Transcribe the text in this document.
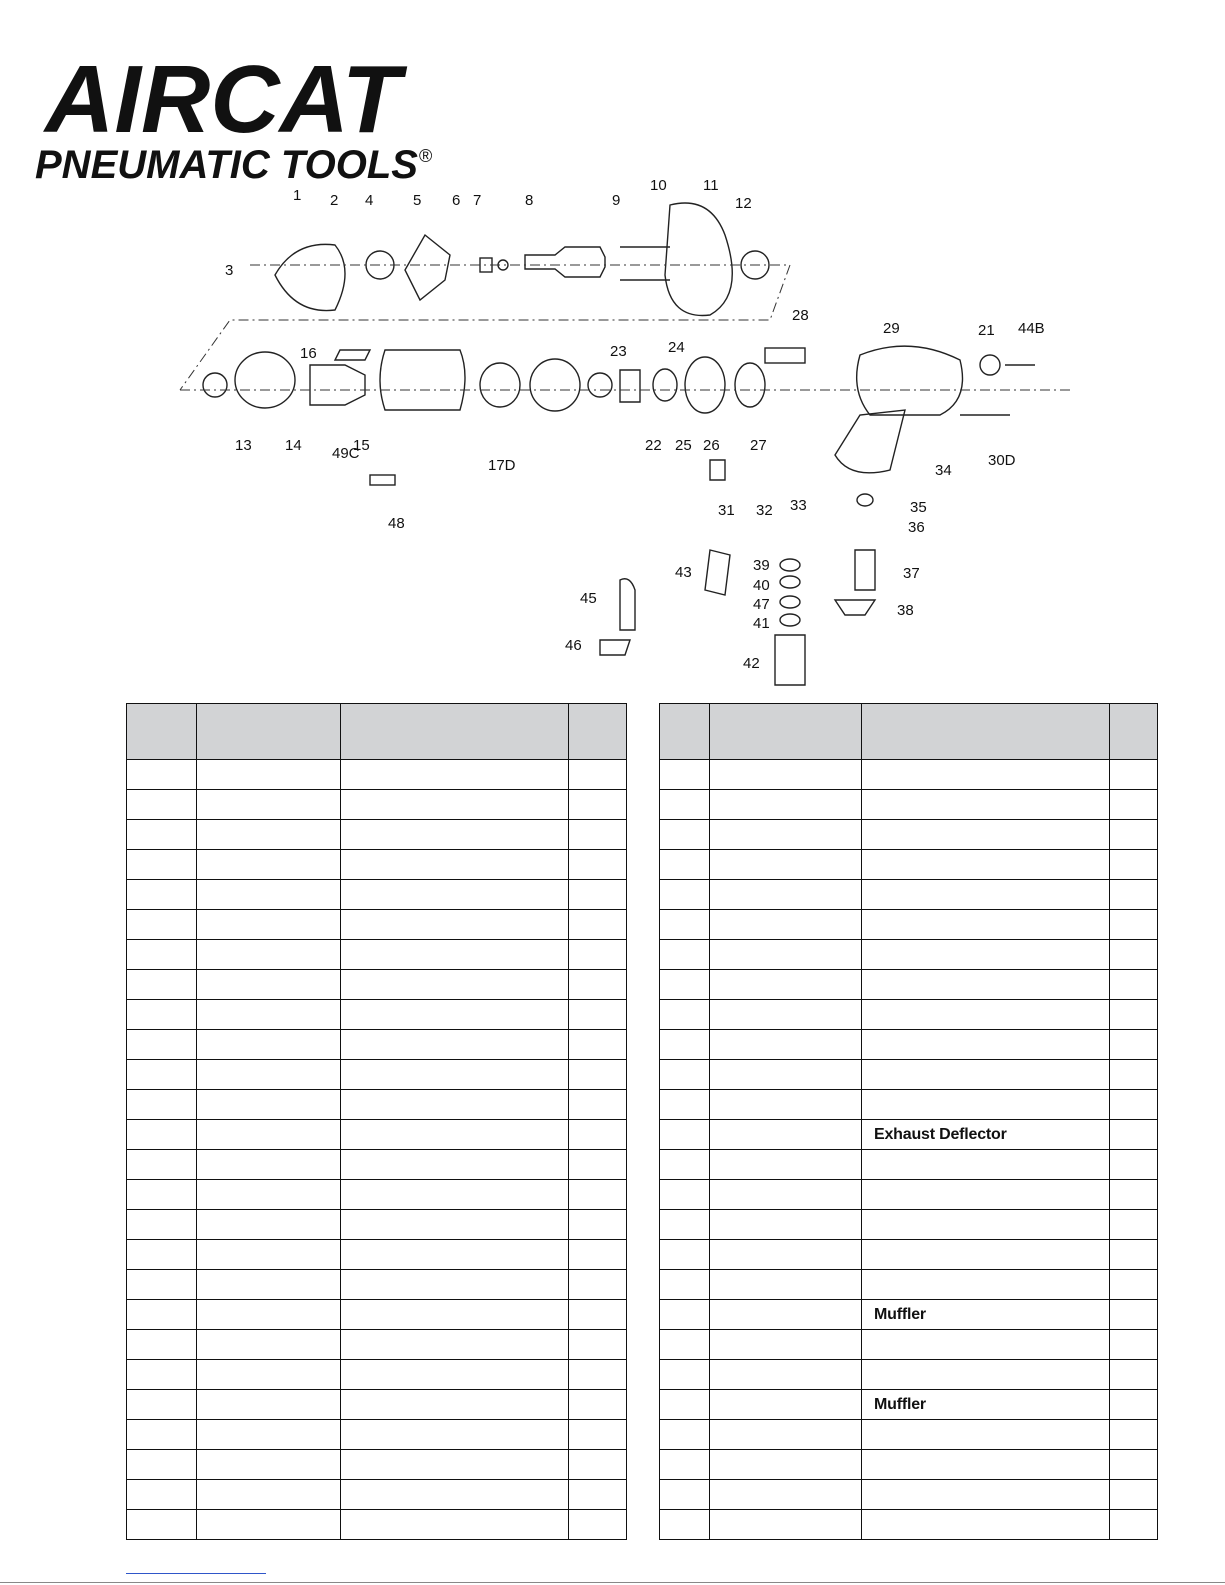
AIRCAT
PNEUMATIC TOOLS ®
1 2
3
4	5 6 7	8	9
10 11
12
13 14	15
16
17D
21
22
23	24
25 26 27
28
29
30D
31 32 33
34
35
36
37
38
39
40
41
42
43
44B
45
46
47
48
49C

		Exhaust Deflector	

		Muffler	

		Muffler	
